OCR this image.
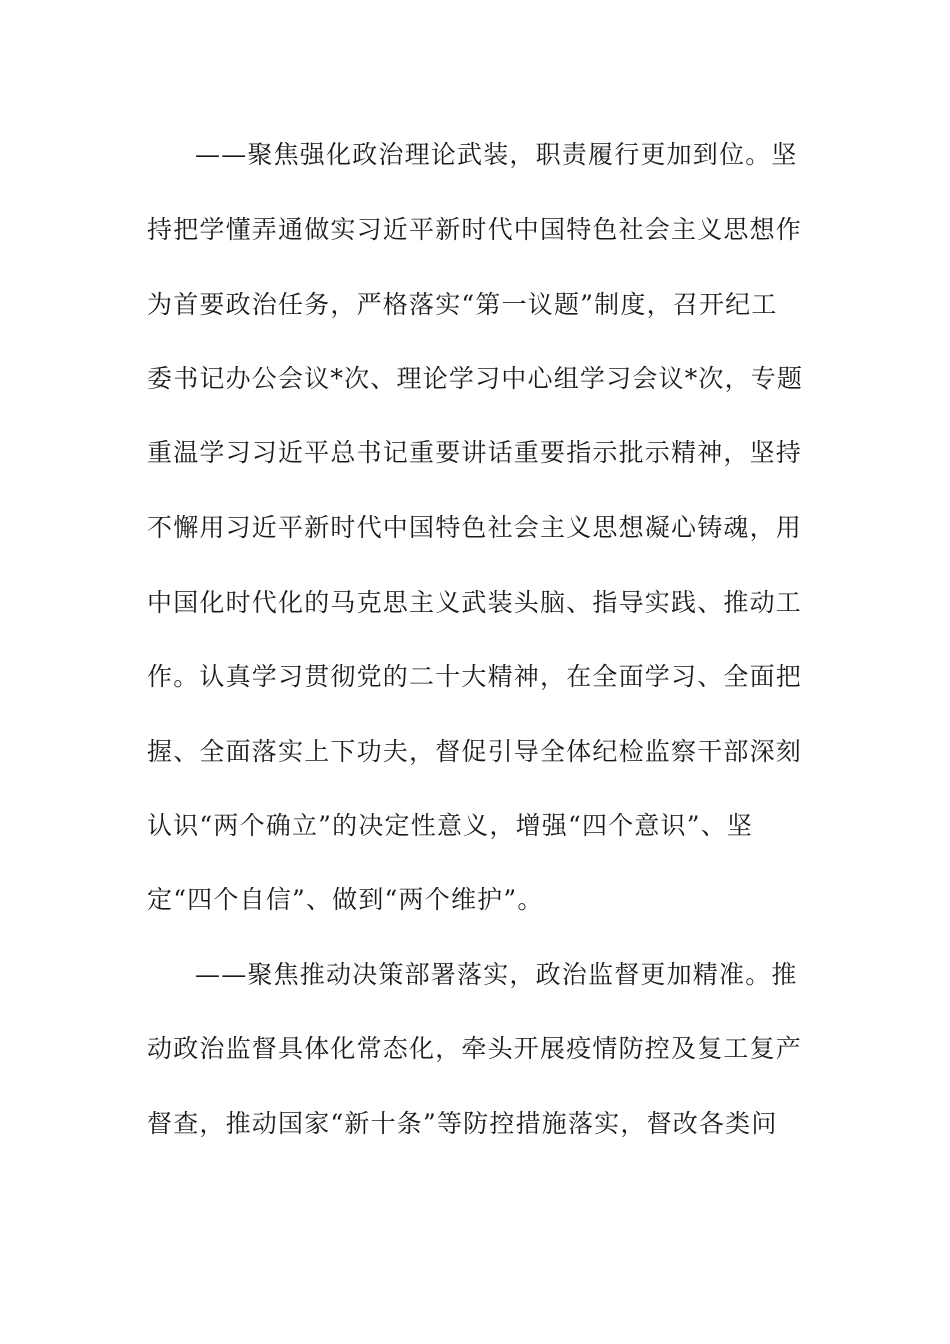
——聚焦强化政治理论武装，职责履行更加到位。坚
持把学懂弄通做实习近平新时代中国特色社会主义思想作
为首要政治任务，严格落实“第一议题”制度，召开纪工
委书记办公会议*次、理论学习中心组学习会议*次，专题
重温学习习近平总书记重要讲话重要指示批示精神，坚持
不懈用习近平新时代中国特色社会主义思想凝心铸魂，用
中国化时代化的马克思主义武装头脑、指导实践、推动工
作。认真学习贯彻党的二十大精神，在全面学习、全面把
握、全面落实上下功夫，督促引导全体纪检监察干部深刻
认识“两个确立”的决定性意义，增强“四个意识”、坚
定“四个自信”、做到“两个维护”。
——聚焦推动决策部署落实，政治监督更加精准。推
动政治监督具体化常态化，牵头开展疫情防控及复工复产
督查，推动国家“新十条”等防控措施落实，督改各类问
